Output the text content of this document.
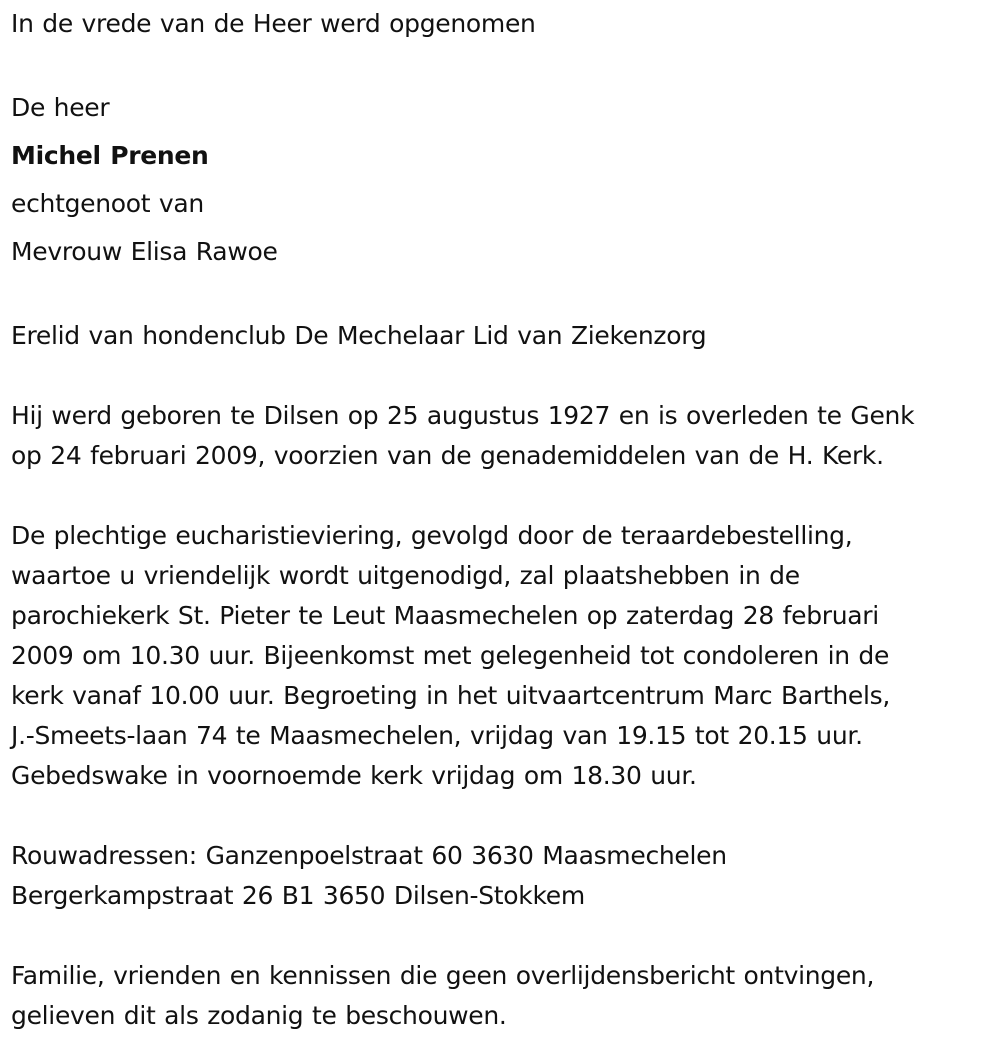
In de vrede van de Heer werd opgenomen

De heer

Michel Prenen

echtgenoot van

Mevrouw Elisa Rawoe

Erelid van hondenclub De Mechelaar Lid van Ziekenzorg

Hij werd geboren te Dilsen op 25 augustus 1927 en is overleden te Genk

op 24 februari 2009, voorzien van de genademiddelen van de H. Kerk.

De plechtige eucharistieviering, gevolgd door de teraardebestelling,

waartoe u vriendelijk wordt uitgenodigd, zal plaatshebben in de

parochiekerk St. Pieter te Leut Maasmechelen op zaterdag 28 februari

2009 om 10.30 uur. Bijeenkomst met gelegenheid tot condoleren in de

kerk vanaf 10.00 uur. Begroeting in het uitvaartcentrum Marc Barthels,

J.-Smeets-laan 74 te Maasmechelen, vrijdag van 19.15 tot 20.15 uur.

Gebedswake in voornoemde kerk vrijdag om 18.30 uur.

Rouwadressen: Ganzenpoelstraat 60 3630 Maasmechelen

Bergerkampstraat 26 B1 3650 Dilsen-Stokkem

Familie, vrienden en kennissen die geen overlijdensbericht ontvingen,

gelieven dit als zodanig te beschouwen.
